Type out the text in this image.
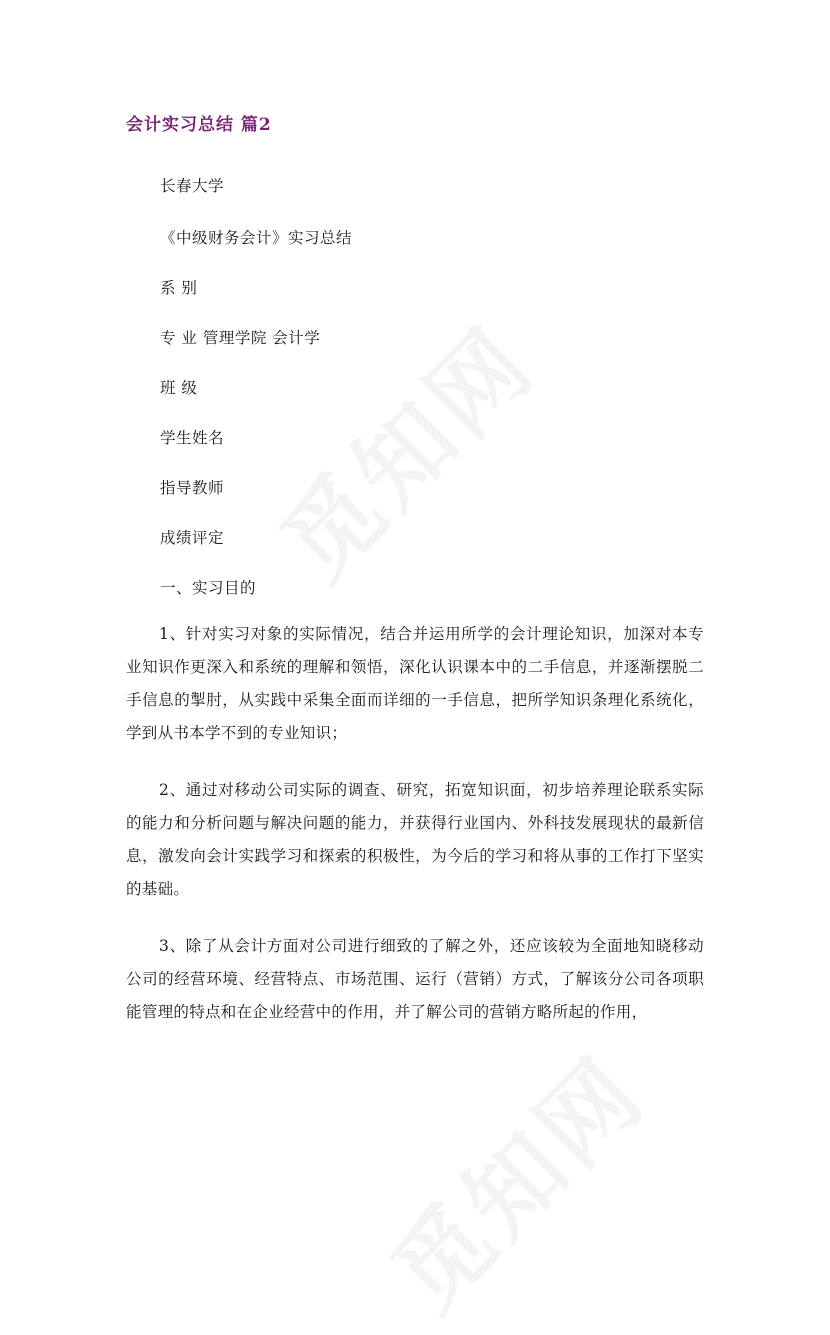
会计实习总结 篇2
长春大学
《中级财务会计》实习总结
系 别
专 业 管理学院 会计学
班 级
学生姓名
指导教师
成绩评定
一、实习目的
1、针对实习对象的实际情况，结合并运用所学的会计理论知识，加深对本专业知识作更深入和系统的理解和领悟，深化认识课本中的二手信息，并逐渐摆脱二手信息的掣肘，从实践中采集全面而详细的一手信息，把所学知识条理化系统化，学到从书本学不到的专业知识；
2、通过对移动公司实际的调查、研究，拓宽知识面，初步培养理论联系实际的能力和分析问题与解决问题的能力，并获得行业国内、外科技发展现状的最新信息，激发向会计实践学习和探索的积极性，为今后的学习和将从事的工作打下坚实的基础。
3、除了从会计方面对公司进行细致的了解之外，还应该较为全面地知晓移动公司的经营环境、经营特点、市场范围、运行（营销）方式，了解该分公司各项职能管理的特点和在企业经营中的作用，并了解公司的营销方略所起的作用，
